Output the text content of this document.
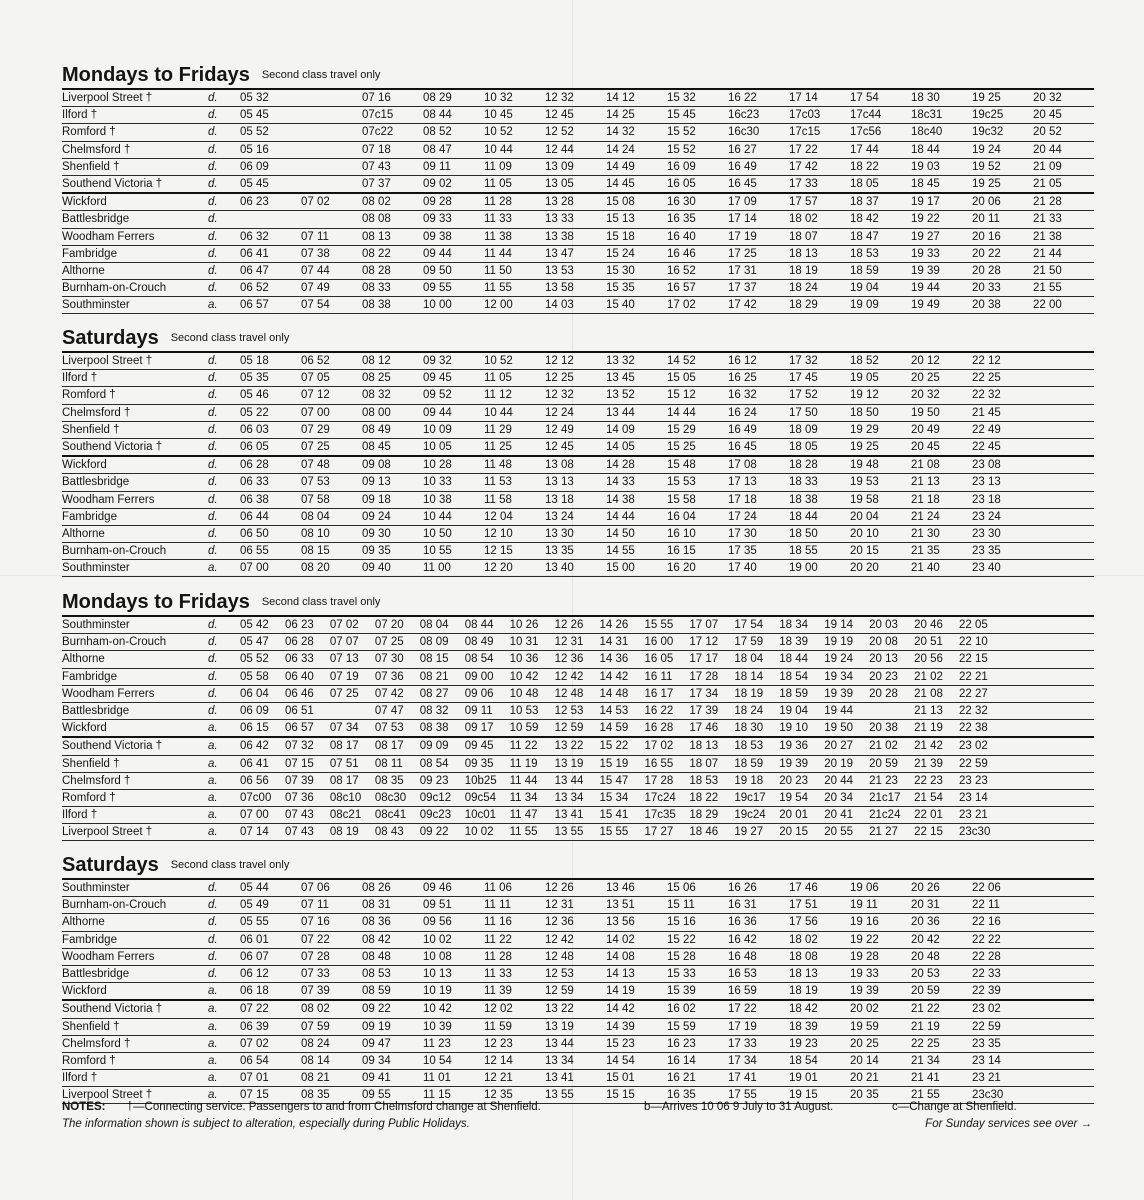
Mondays to Fridays Second class travel only
Liverpool Street †	d.	05 32		07 16	08 29	10 32	12 32	14 12	15 32	16 22	17 14	17 54	18 30	19 25	20 32
Ilford †	d.	05 45		07c15	08 44	10 45	12 45	14 25	15 45	16c23	17c03	17c44	18c31	19c25	20 45
Romford †	d.	05 52		07c22	08 52	10 52	12 52	14 32	15 52	16c30	17c15	17c56	18c40	19c32	20 52
Chelmsford †	d.	05 16		07 18	08 47	10 44	12 44	14 24	15 52	16 27	17 22	17 44	18 44	19 24	20 44
Shenfield †	d.	06 09		07 43	09 11	11 09	13 09	14 49	16 09	16 49	17 42	18 22	19 03	19 52	21 09
Southend Victoria †	d.	05 45		07 37	09 02	11 05	13 05	14 45	16 05	16 45	17 33	18 05	18 45	19 25	21 05
Wickford	d.	06 23	07 02	08 02	09 28	11 28	13 28	15 08	16 30	17 09	17 57	18 37	19 17	20 06	21 28
Battlesbridge	d.			08 08	09 33	11 33	13 33	15 13	16 35	17 14	18 02	18 42	19 22	20 11	21 33
Woodham Ferrers	d.	06 32	07 11	08 13	09 38	11 38	13 38	15 18	16 40	17 19	18 07	18 47	19 27	20 16	21 38
Fambridge	d.	06 41	07 38	08 22	09 44	11 44	13 47	15 24	16 46	17 25	18 13	18 53	19 33	20 22	21 44
Althorne	d.	06 47	07 44	08 28	09 50	11 50	13 53	15 30	16 52	17 31	18 19	18 59	19 39	20 28	21 50
Burnham-on-Crouch	d.	06 52	07 49	08 33	09 55	11 55	13 58	15 35	16 57	17 37	18 24	19 04	19 44	20 33	21 55
Southminster	a.	06 57	07 54	08 38	10 00	12 00	14 03	15 40	17 02	17 42	18 29	19 09	19 49	20 38	22 00
Saturdays Second class travel only
Liverpool Street †	d.	05 18	06 52	08 12	09 32	10 52	12 12	13 32	14 52	16 12	17 32	18 52	20 12	22 12	
Ilford †	d.	05 35	07 05	08 25	09 45	11 05	12 25	13 45	15 05	16 25	17 45	19 05	20 25	22 25	
Romford †	d.	05 46	07 12	08 32	09 52	11 12	12 32	13 52	15 12	16 32	17 52	19 12	20 32	22 32	
Chelmsford †	d.	05 22	07 00	08 00	09 44	10 44	12 24	13 44	14 44	16 24	17 50	18 50	19 50	21 45	
Shenfield †	d.	06 03	07 29	08 49	10 09	11 29	12 49	14 09	15 29	16 49	18 09	19 29	20 49	22 49	
Southend Victoria †	d.	06 05	07 25	08 45	10 05	11 25	12 45	14 05	15 25	16 45	18 05	19 25	20 45	22 45	
Wickford	d.	06 28	07 48	09 08	10 28	11 48	13 08	14 28	15 48	17 08	18 28	19 48	21 08	23 08	
Battlesbridge	d.	06 33	07 53	09 13	10 33	11 53	13 13	14 33	15 53	17 13	18 33	19 53	21 13	23 13	
Woodham Ferrers	d.	06 38	07 58	09 18	10 38	11 58	13 18	14 38	15 58	17 18	18 38	19 58	21 18	23 18	
Fambridge	d.	06 44	08 04	09 24	10 44	12 04	13 24	14 44	16 04	17 24	18 44	20 04	21 24	23 24	
Althorne	d.	06 50	08 10	09 30	10 50	12 10	13 30	14 50	16 10	17 30	18 50	20 10	21 30	23 30	
Burnham-on-Crouch	d.	06 55	08 15	09 35	10 55	12 15	13 35	14 55	16 15	17 35	18 55	20 15	21 35	23 35	
Southminster	a.	07 00	08 20	09 40	11 00	12 20	13 40	15 00	16 20	17 40	19 00	20 20	21 40	23 40	
Mondays to Fridays Second class travel only
Southminster	d.	05 42	06 23	07 02	07 20	08 04	08 44	10 26	12 26	14 26	15 55	17 07	17 54	18 34	19 14	20 03	20 46	22 05		
Burnham-on-Crouch	d.	05 47	06 28	07 07	07 25	08 09	08 49	10 31	12 31	14 31	16 00	17 12	17 59	18 39	19 19	20 08	20 51	22 10		
Althorne	d.	05 52	06 33	07 13	07 30	08 15	08 54	10 36	12 36	14 36	16 05	17 17	18 04	18 44	19 24	20 13	20 56	22 15		
Fambridge	d.	05 58	06 40	07 19	07 36	08 21	09 00	10 42	12 42	14 42	16 11	17 28	18 14	18 54	19 34	20 23	21 02	22 21		
Woodham Ferrers	d.	06 04	06 46	07 25	07 42	08 27	09 06	10 48	12 48	14 48	16 17	17 34	18 19	18 59	19 39	20 28	21 08	22 27		
Battlesbridge	d.	06 09	06 51		07 47	08 32	09 11	10 53	12 53	14 53	16 22	17 39	18 24	19 04	19 44		21 13	22 32		
Wickford	a.	06 15	06 57	07 34	07 53	08 38	09 17	10 59	12 59	14 59	16 28	17 46	18 30	19 10	19 50	20 38	21 19	22 38		
Southend Victoria †	a.	06 42	07 32	08 17	08 17	09 09	09 45	11 22	13 22	15 22	17 02	18 13	18 53	19 36	20 27	21 02	21 42	23 02		
Shenfield †	a.	06 41	07 15	07 51	08 11	08 54	09 35	11 19	13 19	15 19	16 55	18 07	18 59	19 39	20 19	20 59	21 39	22 59		
Chelmsford †	a.	06 56	07 39	08 17	08 35	09 23	10b25	11 44	13 44	15 47	17 28	18 53	19 18	20 23	20 44	21 23	22 23	23 23		
Romford †	a.	07c00	07 36	08c10	08c30	09c12	09c54	11 34	13 34	15 34	17c24	18 22	19c17	19 54	20 34	21c17	21 54	23 14		
Ilford †	a.	07 00	07 43	08c21	08c41	09c23	10c01	11 47	13 41	15 41	17c35	18 29	19c24	20 01	20 41	21c24	22 01	23 21		
Liverpool Street †	a.	07 14	07 43	08 19	08 43	09 22	10 02	11 55	13 55	15 55	17 27	18 46	19 27	20 15	20 55	21 27	22 15	23c30		
Saturdays Second class travel only
Southminster	d.	05 44	07 06	08 26	09 46	11 06	12 26	13 46	15 06	16 26	17 46	19 06	20 26	22 06	
Burnham-on-Crouch	d.	05 49	07 11	08 31	09 51	11 11	12 31	13 51	15 11	16 31	17 51	19 11	20 31	22 11	
Althorne	d.	05 55	07 16	08 36	09 56	11 16	12 36	13 56	15 16	16 36	17 56	19 16	20 36	22 16	
Fambridge	d.	06 01	07 22	08 42	10 02	11 22	12 42	14 02	15 22	16 42	18 02	19 22	20 42	22 22	
Woodham Ferrers	d.	06 07	07 28	08 48	10 08	11 28	12 48	14 08	15 28	16 48	18 08	19 28	20 48	22 28	
Battlesbridge	d.	06 12	07 33	08 53	10 13	11 33	12 53	14 13	15 33	16 53	18 13	19 33	20 53	22 33	
Wickford	a.	06 18	07 39	08 59	10 19	11 39	12 59	14 19	15 39	16 59	18 19	19 39	20 59	22 39	
Southend Victoria †	a.	07 22	08 02	09 22	10 42	12 02	13 22	14 42	16 02	17 22	18 42	20 02	21 22	23 02	
Shenfield †	a.	06 39	07 59	09 19	10 39	11 59	13 19	14 39	15 59	17 19	18 39	19 59	21 19	22 59	
Chelmsford †	a.	07 02	08 24	09 47	11 23	12 23	13 44	15 23	16 23	17 33	19 23	20 25	22 25	23 35	
Romford †	a.	06 54	08 14	09 34	10 54	12 14	13 34	14 54	16 14	17 34	18 54	20 14	21 34	23 14	
Ilford †	a.	07 01	08 21	09 41	11 01	12 21	13 41	15 01	16 21	17 41	19 01	20 21	21 41	23 21	
Liverpool Street †	a.	07 15	08 35	09 55	11 15	12 35	13 55	15 15	16 35	17 55	19 15	20 35	21 55	23c30	
NOTES: †—Connecting service. Passengers to and from Chelmsford change at Shenfield.	b—Arrives 10 06 9 July to 31 August.	c—Change at Shenfield.
The information shown is subject to alteration, especially during Public Holidays.	For Sunday services see over →
